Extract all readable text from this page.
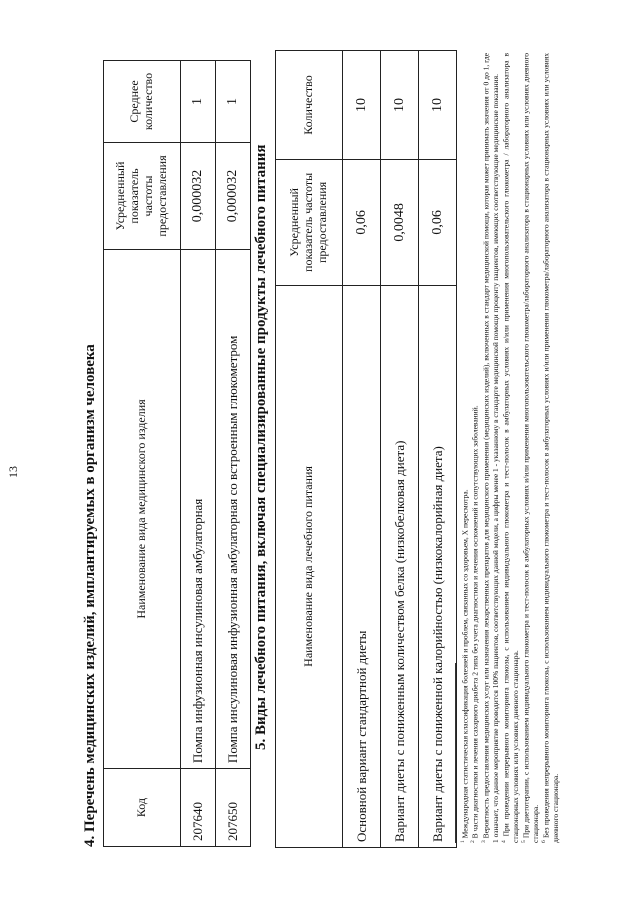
13	4. Перечень медицинских изделий, имплантируемых в организм человека	Код	Наименование вида медицинского изделия	Усредненный показатель частоты предоставления	Среднее количество
207640	Помпа инфузионная инсулиновая амбулаторная	0,000032	1
207650	Помпа инсулиновая инфузионная амбулаторная со встроенным глюкометром	0,000032	1
5. Виды лечебного питания, включая специализированные продукты лечебного питания	Наименование вида лечебного питания	Усредненный показатель частоты предоставления	Количество
Основной вариант стандартной диеты	0,06	10
Вариант диеты с пониженным количеством белка (низкобелковая диета)	0,0048	10
Вариант диеты с пониженной калорийностью (низкокалорийная диета)	0,06	10

$^1$ Международная статистическая классификация болезней и проблем, связанных со здоровьем, X пересмотра.

$^2$ В части диагностики и лечения сахарного диабета 2 типа без учета диагностики и лечения осложнений и сопутствующих заболеваний.

$^3$ Вероятность предоставления медицинских услуг или назначения лекарственных препаратов для медицинского применения (медицинских изделий), включенных в стандарт медицинской помощи, которая может принимать значения от 0 до 1, где 1 означает, что данное мероприятие проводится 100% пациентов, соответствующих данной модели, а цифры менее 1 - указанному в стандарте медицинской помощи проценту пациентов, имеющих соответствующие медицинские показания. $^4$ При проведении непрерывного мониторинга глюкозы, с использованием индивидуального глюкометра и тест-полосок в амбулаторных условиях и/или применения многопользовательского глюкометра / лабораторного анализатора в стационарных условиях или условиях дневного стационара. $^5$ При диетотерапии, с использованием индивидуального глюкометра и тест-полосок в амбулаторных условиях и/или применения многопользовательского глюкометра/лабораторного анализатора в стационарных условиях или условиях дневного стационара. $^6$ Без проведения непрерывного мониторинга глюкозы, с использованием индивидуального глюкометра и тест-полосок в амбулаторных условиях и/или применения глюкометра/лабораторного анализатора в стационарных условиях или условиях дневного стационара.
